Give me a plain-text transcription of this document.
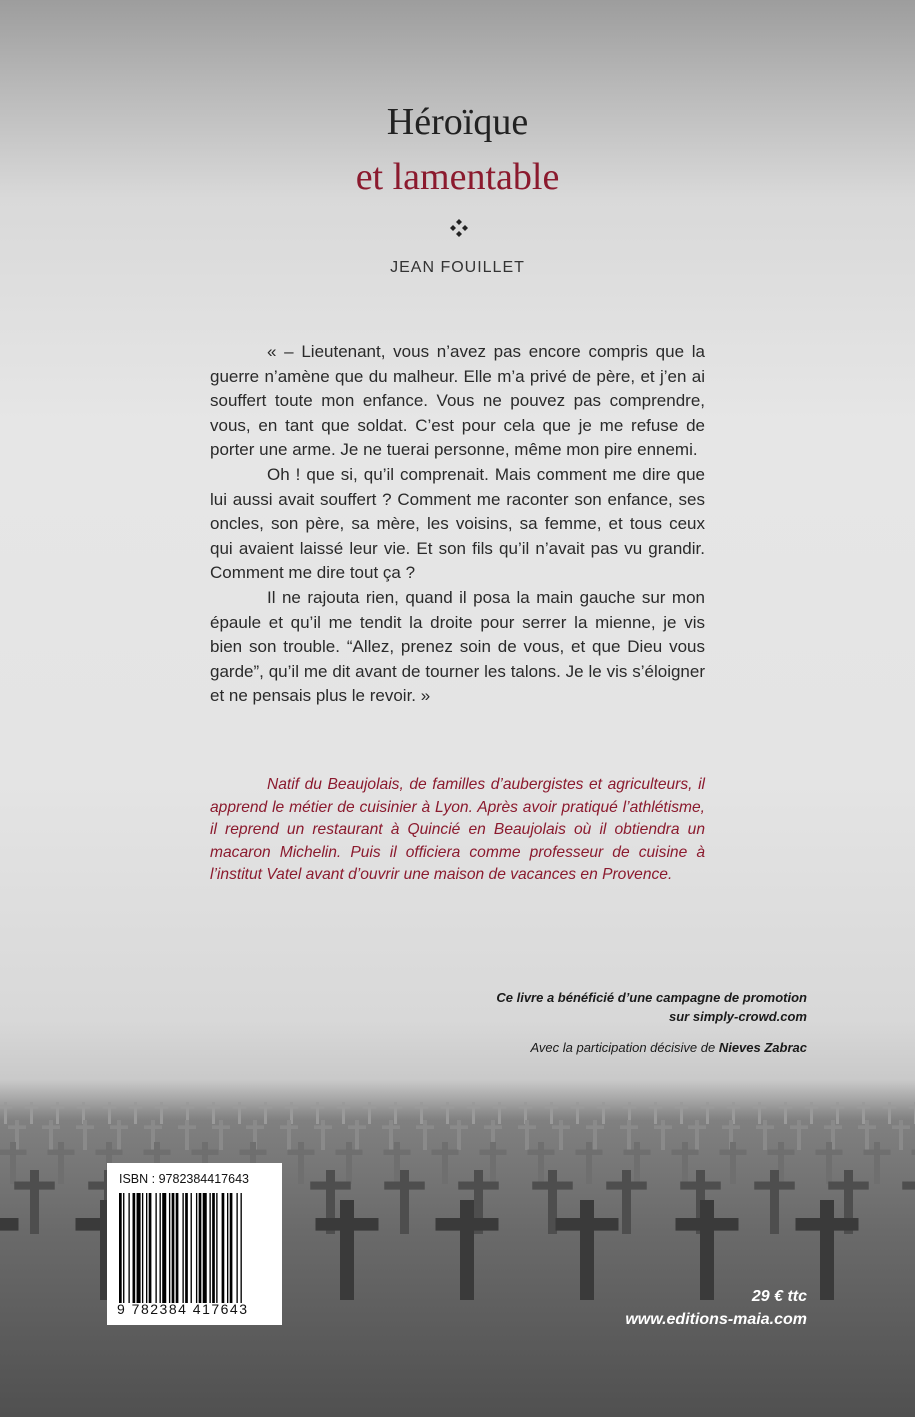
Héroïque
et lamentable
JEAN FOUILLET

« – Lieutenant, vous n’avez pas encore compris que la guerre n’amène que du malheur. Elle m’a privé de père, et j’en ai souffert toute mon enfance. Vous ne pouvez pas comprendre, vous, en tant que soldat. C’est pour cela que je me refuse de porter une arme. Je ne tuerai personne, même mon pire ennemi.

Oh ! que si, qu’il comprenait. Mais comment me dire que lui aussi avait souffert ? Comment me raconter son enfance, ses oncles, son père, sa mère, les voisins, sa femme, et tous ceux qui avaient laissé leur vie. Et son fils qu’il n’avait pas vu grandir. Comment me dire tout ça ?

Il ne rajouta rien, quand il posa la main gauche sur mon épaule et qu’il me tendit la droite pour serrer la mienne, je vis bien son trouble. “Allez, prenez soin de vous, et que Dieu vous garde”, qu’il me dit avant de tourner les talons. Je le vis s’éloigner et ne pensais plus le revoir. »

Natif du Beaujolais, de familles d’aubergistes et agriculteurs, il apprend le métier de cuisinier à Lyon. Après avoir pratiqué l’athlétisme, il reprend un restaurant à Quincié en Beaujolais où il obtiendra un macaron Michelin. Puis il officiera comme professeur de cuisine à l’institut Vatel avant d’ouvrir une maison de vacances en Provence.

Ce livre a bénéficié d’une campagne de promotion
sur simply-crowd.com
Avec la participation décisive de Nieves Zabrac
ISBN : 9782384417643
9 782384 417643
29 € ttc
www.editions-maia.com
